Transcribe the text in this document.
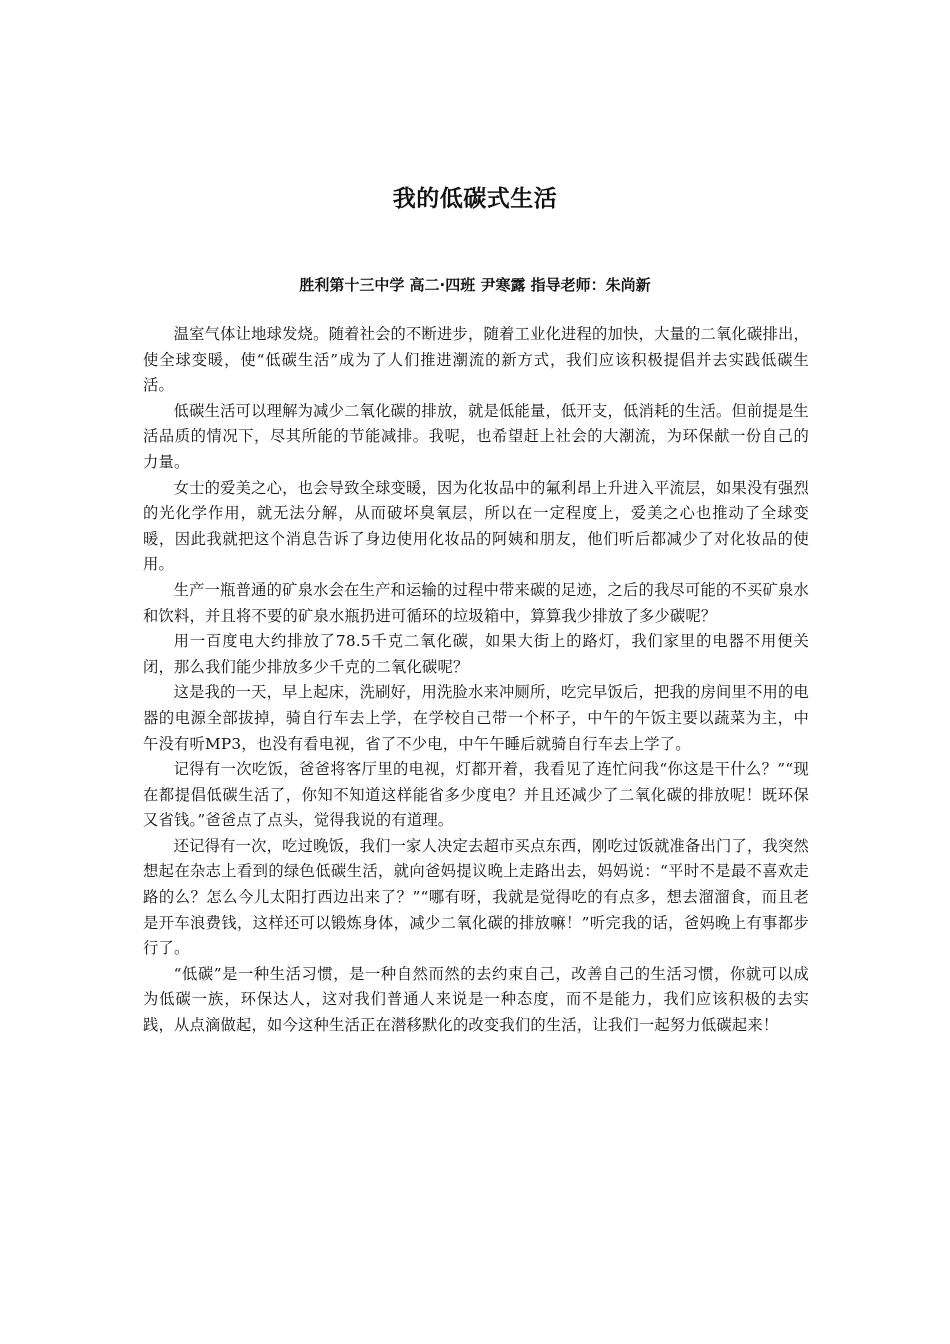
我的低碳式生活
胜利第十三中学 高二·四班 尹寒露 指导老师：朱尚新

温室气体让地球发烧。随着社会的不断进步，随着工业化进程的加快，大量的二氧化碳排出，使全球变暖，使“低碳生活”成为了人们推进潮流的新方式，我们应该积极提倡并去实践低碳生活。

低碳生活可以理解为减少二氧化碳的排放，就是低能量，低开支，低消耗的生活。但前提是生活品质的情况下，尽其所能的节能减排。我呢，也希望赶上社会的大潮流，为环保献一份自己的力量。

女士的爱美之心，也会导致全球变暖，因为化妆品中的氟利昂上升进入平流层，如果没有强烈的光化学作用，就无法分解，从而破坏臭氧层，所以在一定程度上，爱美之心也推动了全球变暖，因此我就把这个消息告诉了身边使用化妆品的阿姨和朋友，他们听后都减少了对化妆品的使用。

生产一瓶普通的矿泉水会在生产和运输的过程中带来碳的足迹，之后的我尽可能的不买矿泉水和饮料，并且将不要的矿泉水瓶扔进可循环的垃圾箱中，算算我少排放了多少碳呢？

用一百度电大约排放了78.5千克二氧化碳，如果大街上的路灯，我们家里的电器不用便关闭，那么我们能少排放多少千克的二氧化碳呢？

这是我的一天，早上起床，洗刷好，用洗脸水来冲厕所，吃完早饭后，把我的房间里不用的电器的电源全部拔掉，骑自行车去上学，在学校自己带一个杯子，中午的午饭主要以蔬菜为主，中午没有听MP3，也没有看电视，省了不少电，中午午睡后就骑自行车去上学了。

记得有一次吃饭，爸爸将客厅里的电视，灯都开着，我看见了连忙问我“你这是干什么？”“现在都提倡低碳生活了，你知不知道这样能省多少度电？并且还减少了二氧化碳的排放呢！既环保又省钱。”爸爸点了点头，觉得我说的有道理。

还记得有一次，吃过晚饭，我们一家人决定去超市买点东西，刚吃过饭就准备出门了，我突然想起在杂志上看到的绿色低碳生活，就向爸妈提议晚上走路出去，妈妈说：“平时不是最不喜欢走路的么？怎么今儿太阳打西边出来了？”“哪有呀，我就是觉得吃的有点多，想去溜溜食，而且老是开车浪费钱，这样还可以锻炼身体，减少二氧化碳的排放嘛！”听完我的话，爸妈晚上有事都步行了。

“低碳”是一种生活习惯，是一种自然而然的去约束自己，改善自己的生活习惯，你就可以成为低碳一族，环保达人，这对我们普通人来说是一种态度，而不是能力，我们应该积极的去实践，从点滴做起，如今这种生活正在潜移默化的改变我们的生活，让我们一起努力低碳起来！
